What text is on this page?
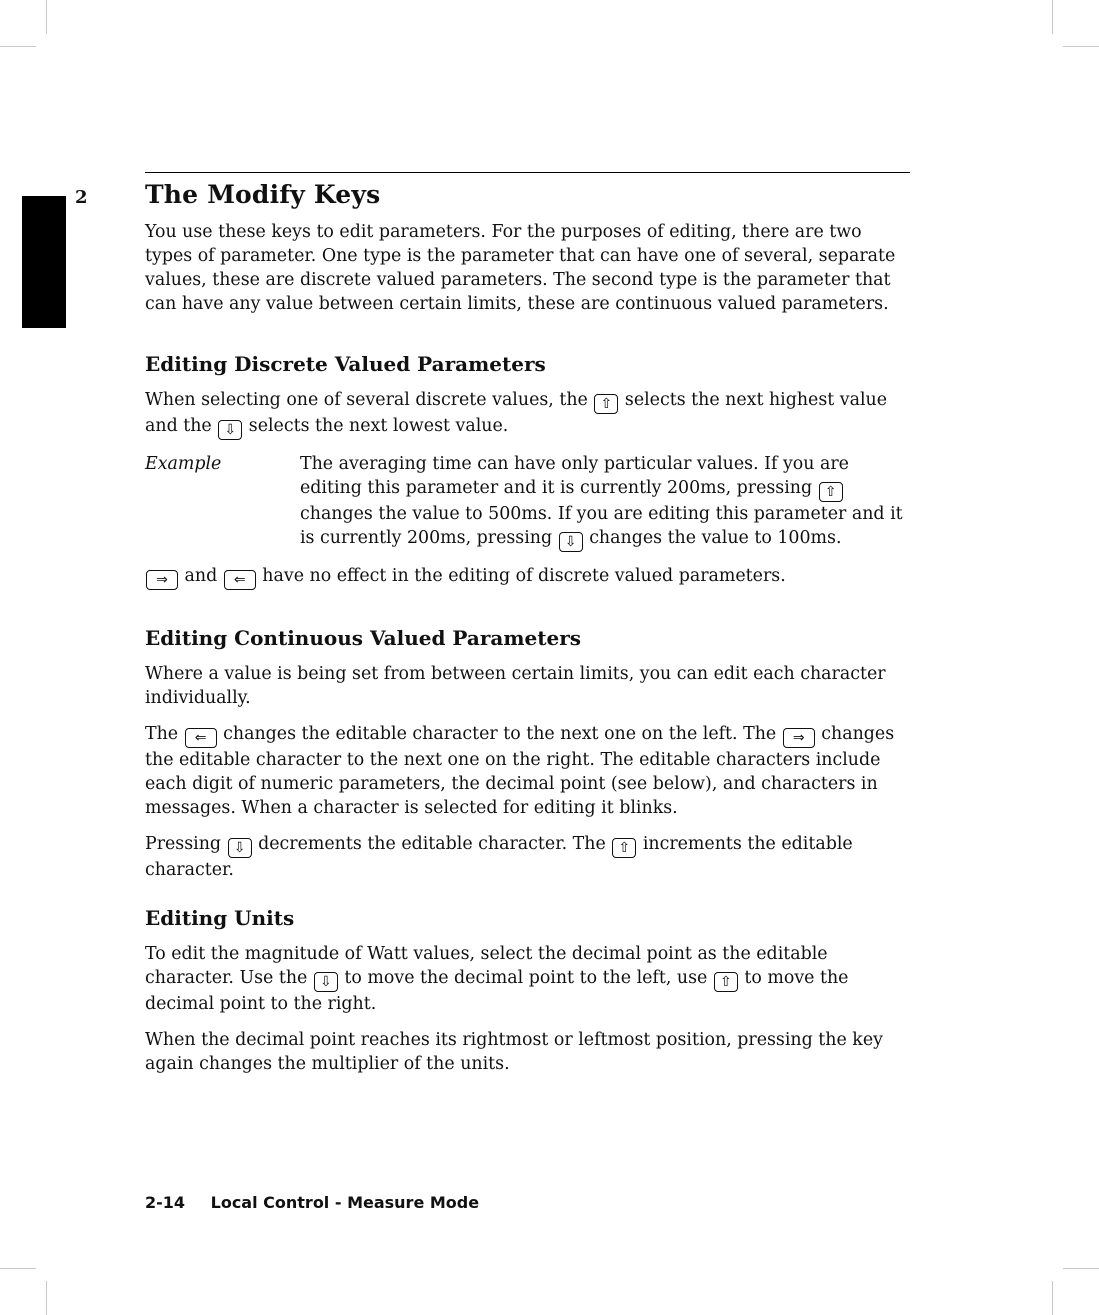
2 The Modify Keys

You use these keys to edit parameters. For the purposes of editing, there are two types of parameter. One type is the parameter that can have one of several, separate values, these are discrete valued parameters. The second type is the parameter that can have any value between certain limits, these are continuous valued parameters.

Editing Discrete Valued Parameters

When selecting one of several discrete values, the ⇧ selects the next highest value and the ⇩ selects the next lowest value.

Example	The averaging time can have only particular values. If you are editing this parameter and it is currently 200ms, pressing ⇧ changes the value to 500ms. If you are editing this parameter and it is currently 200ms, pressing ⇩ changes the value to 100ms.

⇒ and ⇐ have no effect in the editing of discrete valued parameters.

Editing Continuous Valued Parameters

Where a value is being set from between certain limits, you can edit each character individually.

The ⇐ changes the editable character to the next one on the left. The ⇒ changes the editable character to the next one on the right. The editable characters include each digit of numeric parameters, the decimal point (see below), and characters in messages. When a character is selected for editing it blinks.

Pressing ⇩ decrements the editable character. The ⇧ increments the editable character.

Editing Units

To edit the magnitude of Watt values, select the decimal point as the editable character. Use the ⇩ to move the decimal point to the left, use ⇧ to move the decimal point to the right.

When the decimal point reaches its rightmost or leftmost position, pressing the key again changes the multiplier of the units.

2-14 Local Control - Measure Mode
